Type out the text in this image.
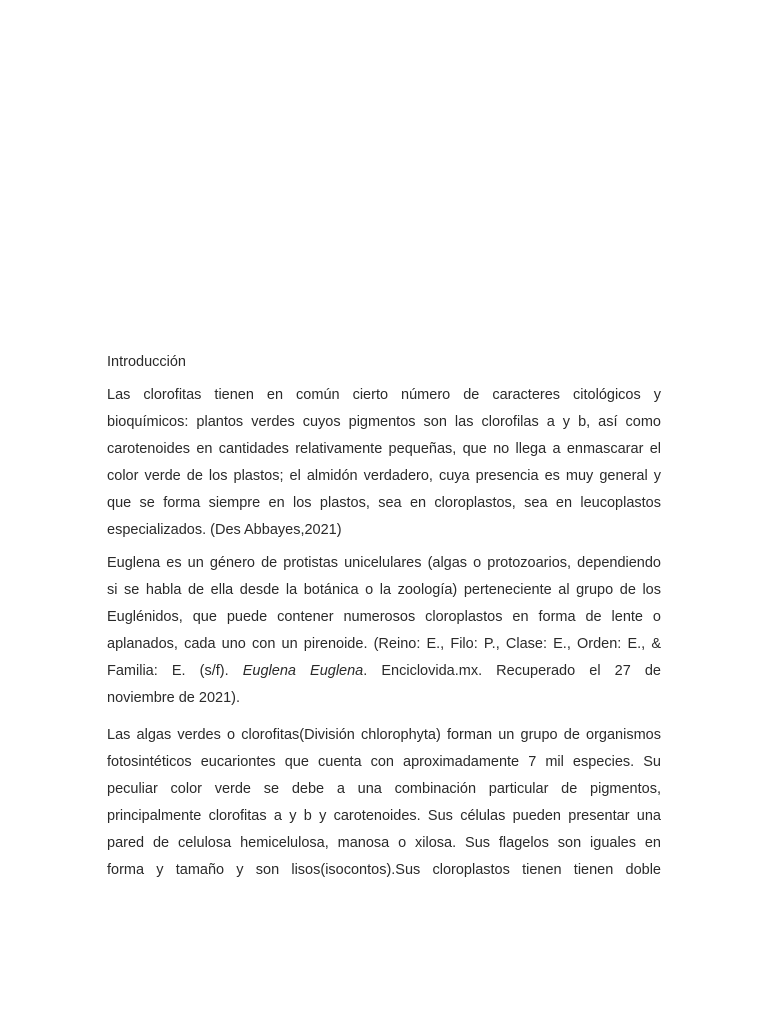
Introducción
Las clorofitas tienen en común cierto número de caracteres citológicos y
bioquímicos: plantos verdes cuyos pigmentos son las clorofilas a y b, así como
carotenoides en cantidades relativamente pequeñas, que no llega a enmascarar el
color verde de los plastos; el almidón verdadero, cuya presencia es muy general y
que se forma siempre en los plastos, sea en cloroplastos, sea en leucoplastos
especializados. (Des Abbayes,2021)
Euglena es un género de protistas unicelulares (algas o protozoarios, dependiendo
si se habla de ella desde la botánica o la zoología) perteneciente al grupo de los
Euglénidos, que puede contener numerosos cloroplastos en forma de lente o
aplanados, cada uno con un pirenoide. (Reino: E., Filo: P., Clase: E., Orden: E., &
Familia: E. (s/f). Euglena Euglena. Enciclovida.mx. Recuperado el 27 de
noviembre de 2021).
Las algas verdes o clorofitas(División chlorophyta) forman un grupo de organismos
fotosintéticos eucariontes que cuenta con aproximadamente 7 mil especies. Su
peculiar color verde se debe a una combinación particular de pigmentos,
principalmente clorofitas a y b y carotenoides. Sus células pueden presentar una
pared de celulosa hemicelulosa, manosa o xilosa. Sus flagelos son iguales en
forma y tamaño y son lisos(isocontos).Sus cloroplastos tienen tienen doble
